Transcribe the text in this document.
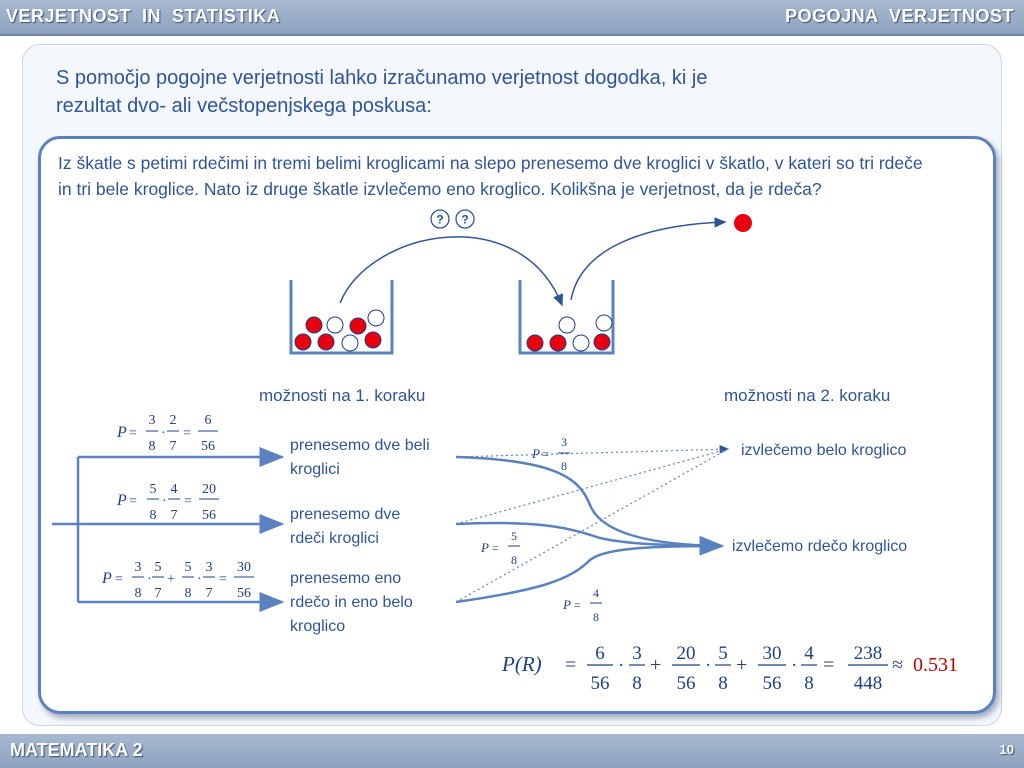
VERJETNOST  IN  STATISTIKA	POGOJNA  VERJETNOST
S pomočjo pogojne verjetnosti lahko izračunamo verjetnost dogodka, ki je rezultat dvo- ali večstopenjskega poskusa:
Iz škatle s petimi rdečimi in tremi belimi kroglicami na slepo prenesemo dve kroglici v škatlo, v kateri so tri rdeče in tri bele kroglice. Nato iz druge škatle izvlečemo eno kroglico. Kolikšna je verjetnost, da je rdeča?
možnosti na 1. koraku	možnosti na 2. koraku
prenesemo dve beli kroglici
prenesemo dve rdeči kroglici
prenesemo eno rdečo in eno belo kroglico
izvlečemo belo kroglico
izvlečemo rdečo kroglico
? ?
P =
3
8
·
2
7
=
6
56
P =
5
8
·
4
7
=
20
56
P =
3
8
·
5
7
+
5
8
·
3
7
=
30
56
P =
3
8
P =
5
8
P =
4
8
P(R) =
6
56
·
3
8
+
20
56
·
5
8
+
30
56
·
4
8
=
238
448
≈ 0.531
MATEMATIKA 2	10
